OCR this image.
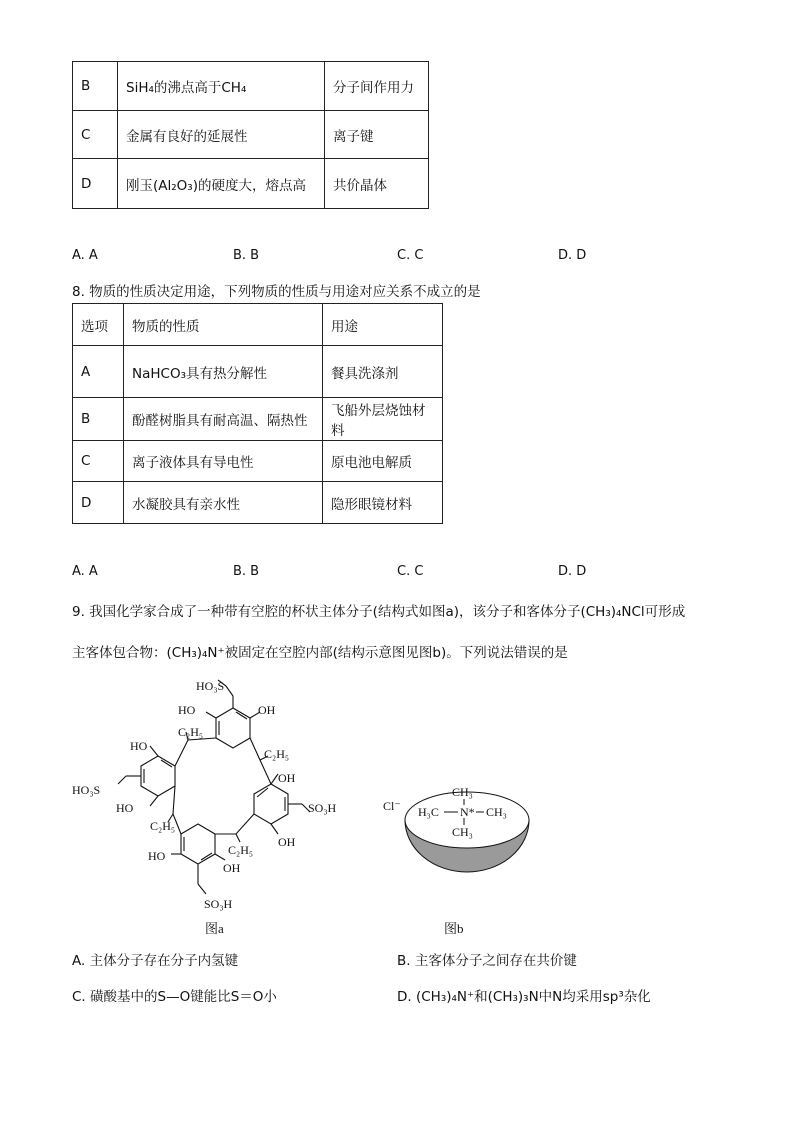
B	SiH₄的沸点高于CH₄	分子间作用力
C	金属有良好的延展性	离子键
D	刚玉(Al₂O₃)的硬度大，熔点高	共价晶体
A. A	B. B	C. C	D. D
8. 物质的性质决定用途，下列物质的性质与用途对应关系不成立的是
选项	物质的性质	用途
A	NaHCO₃具有热分解性	餐具洗涤剂
B	酚醛树脂具有耐高温、隔热性	飞船外层烧蚀材料
C	离子液体具有导电性	原电池电解质
D	水凝胶具有亲水性	隐形眼镜材料
A. A	B. B	C. C	D. D
9. 我国化学家合成了一种带有空腔的杯状主体分子(结构式如图a)，该分子和客体分子(CH₃)₄NCl可形成
主客体包合物：(CH₃)₄N⁺被固定在空腔内部(结构示意图见图b)。下列说法错误的是
HO₃S
HO	OH
HO
C₂H₅
C₂H₅
HO₃S
HO
OH
SO₃H
C₂H₅
C₂H₅
OH
HO
OH
SO₃H
Cl⁻
CH₃
H₃C N* CH₃
CH₃
图a	图b
A. 主体分子存在分子内氢键	B. 主客体分子之间存在共价键
C. 磺酸基中的S—O键能比S＝O小	D. (CH₃)₄N⁺和(CH₃)₃N中N均采用sp³杂化
